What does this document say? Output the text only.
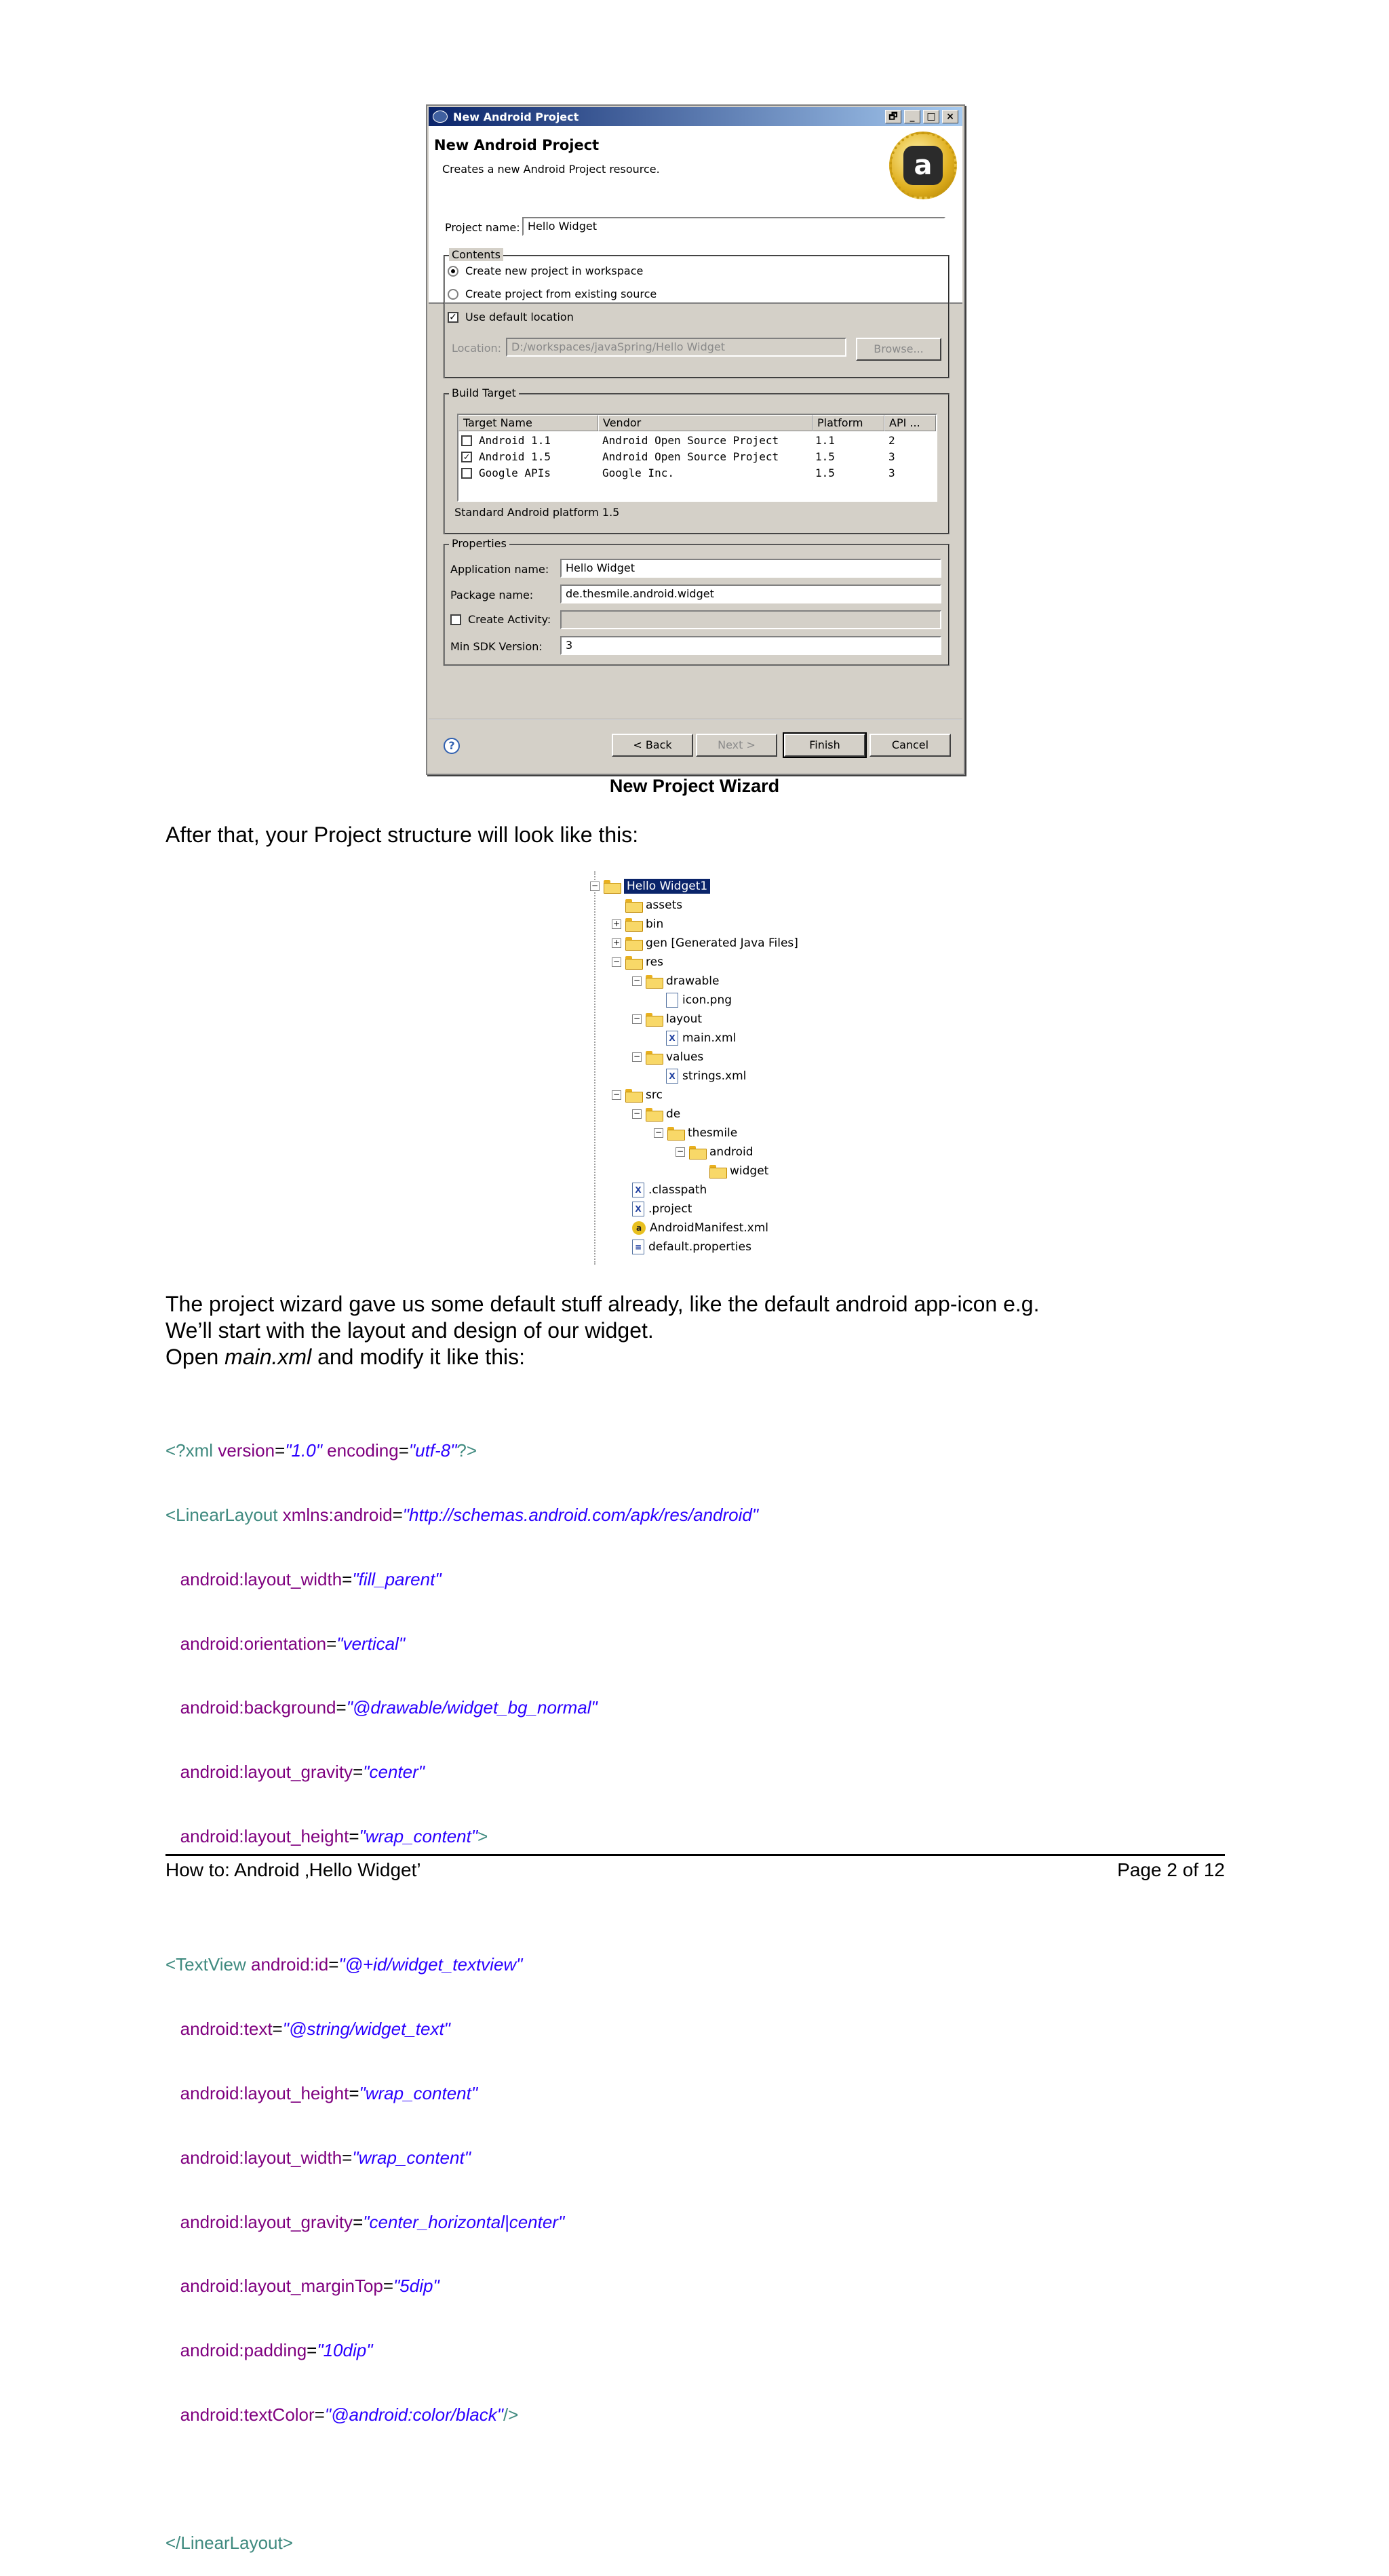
New Android Project	🗗	_	□	×
New Android Project
Creates a new Android Project resource.	a
Project name: Hello Widget
Contents
Create new project in workspace
Create project from existing source
✓ Use default location
Location: D:/workspaces/javaSpring/Hello Widget	Browse...
Build Target
Target Name	Vendor	Platform	API ...
Android 1.1	Android Open Source Project	1.1	2
✓ Android 1.5	Android Open Source Project	1.5	3
Google APIs	Google Inc.	1.5	3
Standard Android platform 1.5
Properties
Application name:	Hello Widget
Package name:	de.thesmile.android.widget
Create Activity:
Min SDK Version:	3
?	< Back	Next >	Finish	Cancel
New Project Wizard
After that, your Project structure will look like this:
− Hello Widget1
assets
+ bin
+ gen [Generated Java Files]
− res
− drawable
icon.png
− layout
X main.xml
− values
X strings.xml
− src
− de
− thesmile
− android
widget
X .classpath
X .project
a AndroidManifest.xml
≡ default.properties
The project wizard gave us some default stuff already, like the default android app-icon e.g.
We’ll start with the layout and design of our widget.
Open main.xml and modify it like this:

<?xml version="1.0" encoding="utf-8"?>

<LinearLayout xmlns:android="http://schemas.android.com/apk/res/android"

android:layout_width="fill_parent"

android:orientation="vertical"

android:background="@drawable/widget_bg_normal"

android:layout_gravity="center"

android:layout_height="wrap_content">

<TextView android:id="@+id/widget_textview"

android:text="@string/widget_text"

android:layout_height="wrap_content"

android:layout_width="wrap_content"

android:layout_gravity="center_horizontal|center"

android:layout_marginTop="5dip"

android:padding="10dip"

android:textColor="@android:color/black"/>

</LinearLayout>

How to: Android ‚Hello Widget’	Page 2 of 12
